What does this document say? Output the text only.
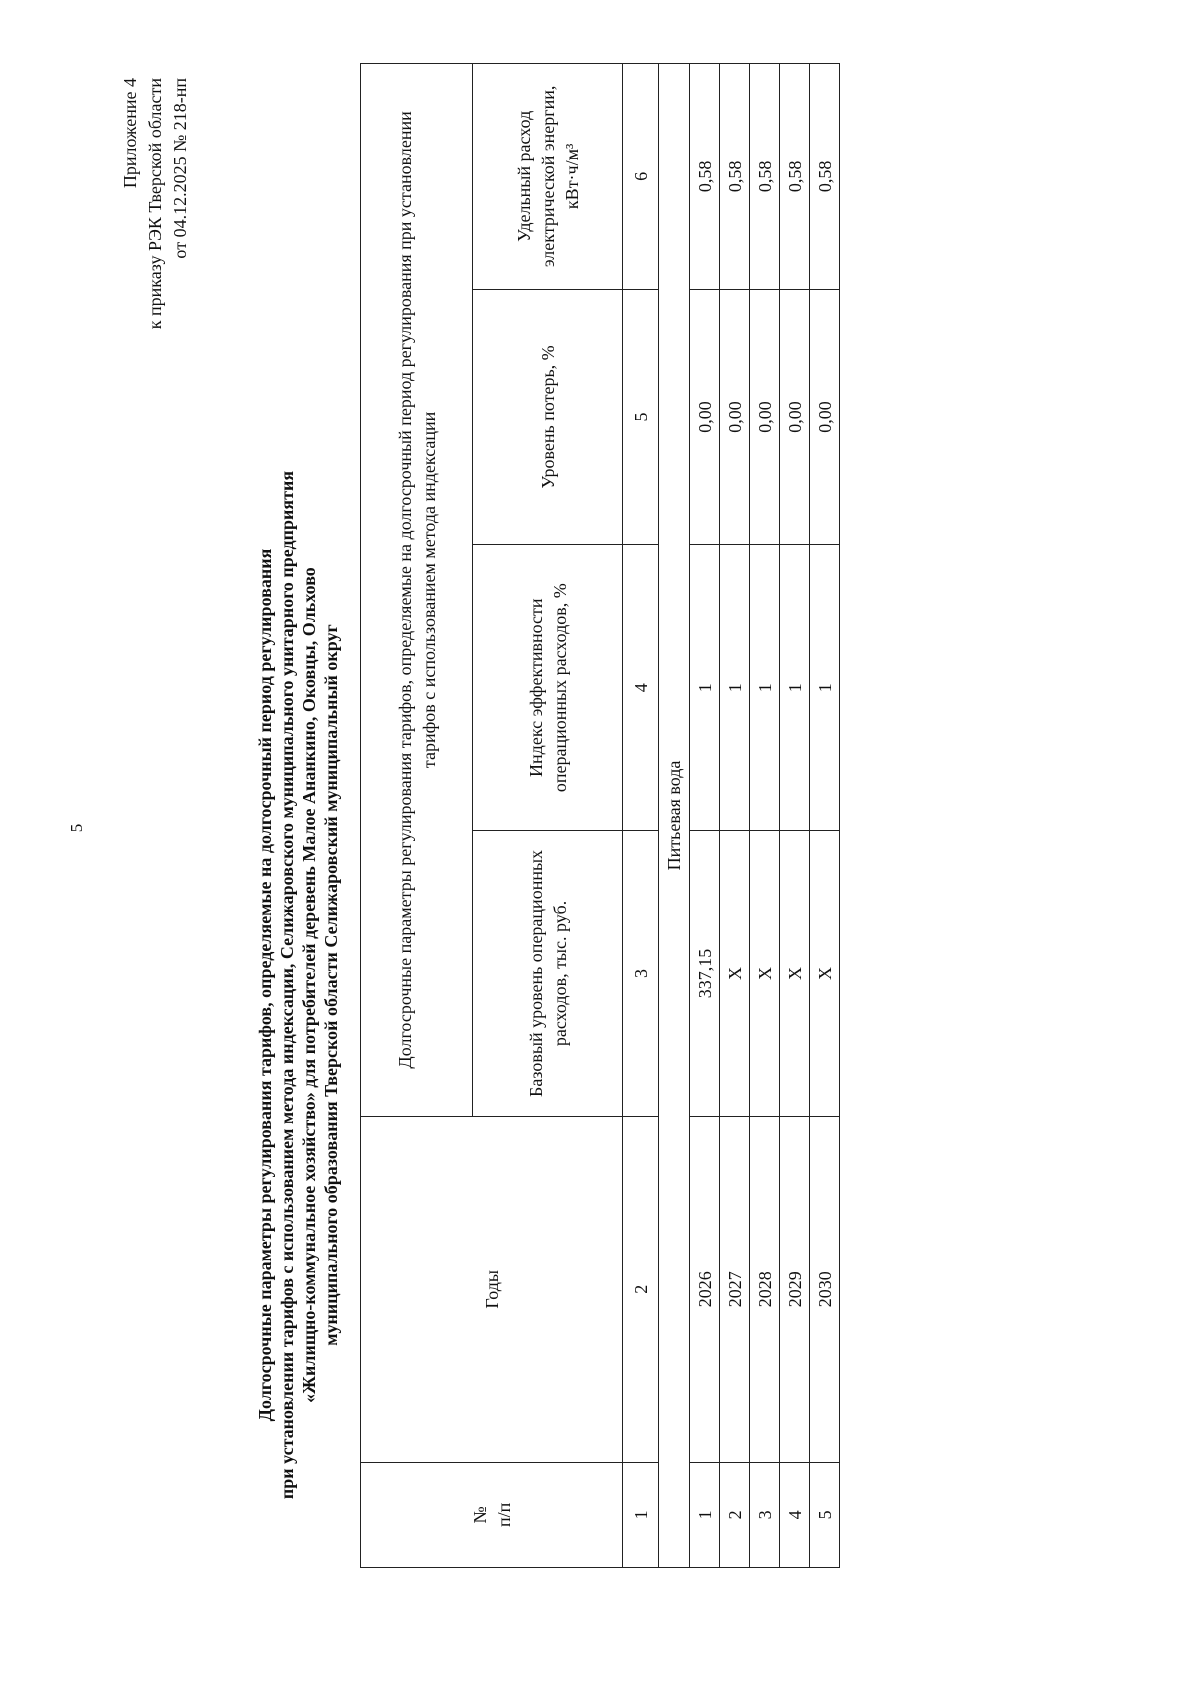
5
Приложение 4 к приказу РЭК Тверской области от 04.12.2025 № 218-нп
Долгосрочные параметры регулирования тарифов, определяемые на долгосрочный период регулирования при установлении тарифов с использованием метода индексации, Селижаровского муниципального унитарного предприятия «Жилищно-коммунальное хозяйство» для потребителей деревень Малое Ананкино, Оковцы, Ольхово муниципального образования Тверской области Селижаровский муниципальный округ
№ п/п	Годы	Долгосрочные параметры регулирования тарифов, определяемые на долгосрочный период регулирования при установлении тарифов с использованием метода индексации			
		Базовый уровень операционных расходов, тыс. руб.	Индекс эффективности операционных расходов, %	Уровень потерь, %	Удельный расход электрической энергии, кВт·ч/м³
1	2	3	4	5	6
Питьевая вода					
1	2026	337,15	1	0,00	0,58
2	2027	X	1	0,00	0,58
3	2028	X	1	0,00	0,58
4	2029	X	1	0,00	0,58
5	2030	X	1	0,00	0,58
